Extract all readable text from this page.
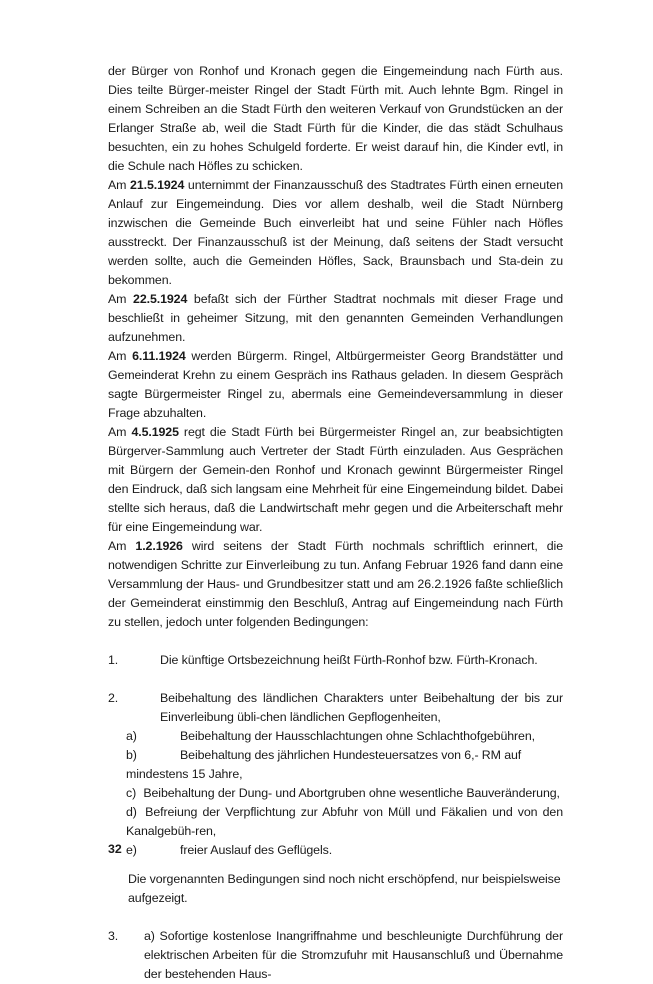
der Bürger von Ronhof und Kronach gegen die Eingemeindung nach Fürth aus. Dies teilte Bürger-meister Ringel der Stadt Fürth mit. Auch lehnte Bgm. Ringel in einem Schreiben an die Stadt Fürth den weiteren Verkauf von Grundstücken an der Erlanger Straße ab, weil die Stadt Fürth für die Kinder, die das städt Schulhaus besuchten, ein zu hohes Schulgeld forderte. Er weist darauf hin, die Kinder evtl, in die Schule nach Höfles zu schicken.

Am 21.5.1924 unternimmt der Finanzausschuß des Stadtrates Fürth einen erneuten Anlauf zur Eingemeindung. Dies vor allem deshalb, weil die Stadt Nürnberg inzwischen die Gemeinde Buch einverleibt hat und seine Fühler nach Höfles ausstreckt. Der Finanzausschuß ist der Meinung, daß seitens der Stadt versucht werden sollte, auch die Gemeinden Höfles, Sack, Braunsbach und Sta-dein zu bekommen.

Am 22.5.1924 befaßt sich der Fürther Stadtrat nochmals mit dieser Frage und beschließt in geheimer Sitzung, mit den genannten Gemeinden Verhandlungen aufzunehmen.

Am 6.11.1924 werden Bürgerm. Ringel, Altbürgermeister Georg Brandstätter und Gemeinderat Krehn zu einem Gespräch ins Rathaus geladen. In diesem Gespräch sagte Bürgermeister Ringel zu, abermals eine Gemeindeversammlung in dieser Frage abzuhalten.

Am 4.5.1925 regt die Stadt Fürth bei Bürgermeister Ringel an, zur beabsichtigten Bürgerver-Sammlung auch Vertreter der Stadt Fürth einzuladen. Aus Gesprächen mit Bürgern der Gemein-den Ronhof und Kronach gewinnt Bürgermeister Ringel den Eindruck, daß sich langsam eine Mehrheit für eine Eingemeindung bildet. Dabei stellte sich heraus, daß die Landwirtschaft mehr gegen und die Arbeiterschaft mehr für eine Eingemeindung war.

Am 1.2.1926 wird seitens der Stadt Fürth nochmals schriftlich erinnert, die notwendigen Schritte zur Einverleibung zu tun. Anfang Februar 1926 fand dann eine Versammlung der Haus- und Grundbesitzer statt und am 26.2.1926 faßte schließlich der Gemeinderat einstimmig den Beschluß, Antrag auf Eingemeindung nach Fürth zu stellen, jedoch unter folgenden Bedingungen:

1.	Die künftige Ortsbezeichnung heißt Fürth-Ronhof bzw. Fürth-Kronach.
2.	Beibehaltung des ländlichen Charakters unter Beibehaltung der bis zur Einverleibung übli-chen ländlichen Gepflogenheiten,
a)	Beibehaltung der Hausschlachtungen ohne Schlachthofgebühren,
b)	Beibehaltung des jährlichen Hundesteuersatzes von 6,- RM auf mindestens 15 Jahre,
c) Beibehaltung der Dung- und Abortgruben ohne wesentliche Bauveränderung,
d) Befreiung der Verpflichtung zur Abfuhr von Müll und Fäkalien und von den Kanalgebüh-ren,
e)	freier Auslauf des Geflügels.
Die vorgenannten Bedingungen sind noch nicht erschöpfend, nur beispielsweise aufgezeigt.
3.	a) Sofortige kostenlose Inangriffnahme und beschleunigte Durchführung der elektrischen Arbeiten für die Stromzufuhr mit Hausanschluß und Übernahme der bestehenden Haus-
32
